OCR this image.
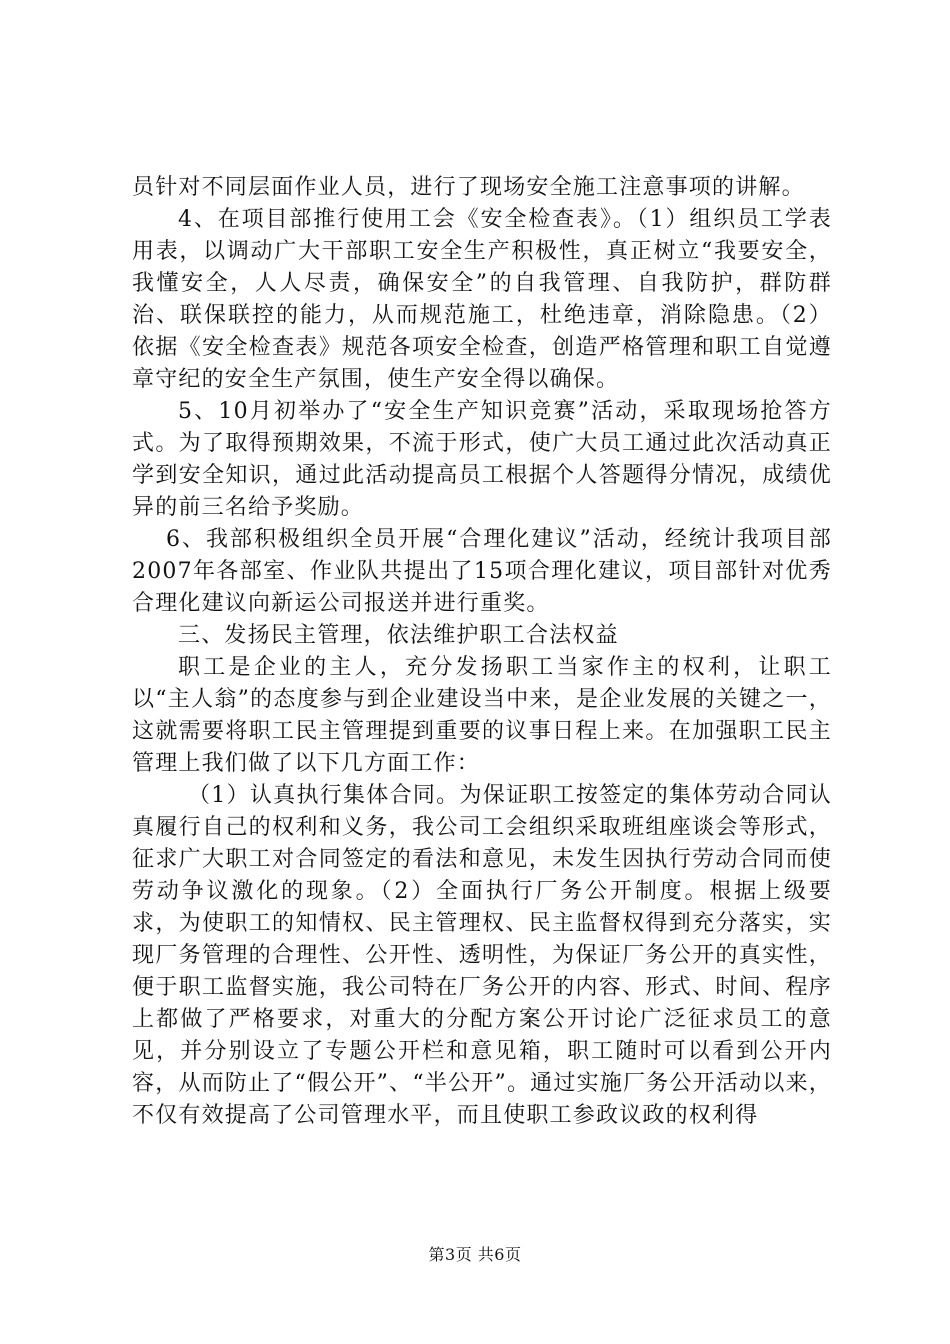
员针对不同层面作业人员，进行了现场安全施工注意事项的讲解。

4、在项目部推行使用工会《安全检查表》。（1）组织员工学表用表，以调动广大干部职工安全生产积极性，真正树立“我要安全，我懂安全，人人尽责，确保安全”的自我管理、自我防护，群防群治、联保联控的能力，从而规范施工，杜绝违章，消除隐患。（2）依据《安全检查表》规范各项安全检查，创造严格管理和职工自觉遵章守纪的安全生产氛围，使生产安全得以确保。

5、10月初举办了“安全生产知识竞赛”活动，采取现场抢答方式。为了取得预期效果，不流于形式，使广大员工通过此次活动真正学到安全知识，通过此活动提高员工根据个人答题得分情况，成绩优异的前三名给予奖励。

6、我部积极组织全员开展“合理化建议”活动，经统计我项目部2007年各部室、作业队共提出了15项合理化建议，项目部针对优秀合理化建议向新运公司报送并进行重奖。

三、发扬民主管理，依法维护职工合法权益

职工是企业的主人，充分发扬职工当家作主的权利，让职工以“主人翁”的态度参与到企业建设当中来，是企业发展的关键之一，这就需要将职工民主管理提到重要的议事日程上来。在加强职工民主管理上我们做了以下几方面工作：

（1）认真执行集体合同。为保证职工按签定的集体劳动合同认真履行自己的权利和义务，我公司工会组织采取班组座谈会等形式，征求广大职工对合同签定的看法和意见，未发生因执行劳动合同而使劳动争议激化的现象。（2）全面执行厂务公开制度。根据上级要求，为使职工的知情权、民主管理权、民主监督权得到充分落实，实现厂务管理的合理性、公开性、透明性，为保证厂务公开的真实性，便于职工监督实施，我公司特在厂务公开的内容、形式、时间、程序上都做了严格要求，对重大的分配方案公开讨论广泛征求员工的意见，并分别设立了专题公开栏和意见箱，职工随时可以看到公开内容，从而防止了“假公开”、“半公开”。通过实施厂务公开活动以来，不仅有效提高了公司管理水平，而且使职工参政议政的权利得

第3页 共6页
